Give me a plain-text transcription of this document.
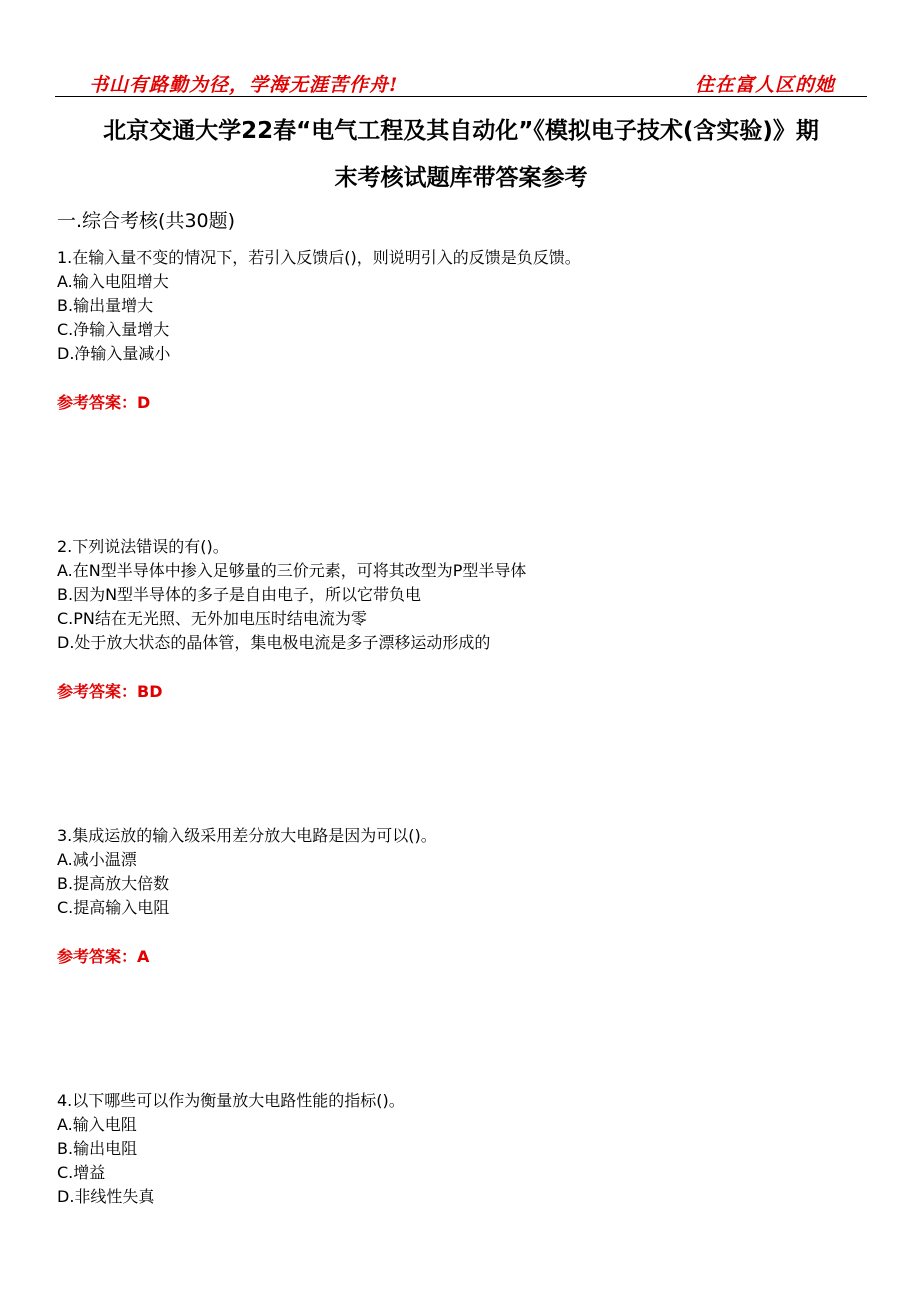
书山有路勤为径，学海无涯苦作舟!	住在富人区的她
北京交通大学22春“电气工程及其自动化”《模拟电子技术(含实验)》期
末考核试题库带答案参考
一.综合考核(共30题)
1.在输入量不变的情况下，若引入反馈后()，则说明引入的反馈是负反馈。
A.输入电阻增大
B.输出量增大
C.净输入量增大
D.净输入量减小
参考答案：D
2.下列说法错误的有()。
A.在N型半导体中掺入足够量的三价元素，可将其改型为P型半导体
B.因为N型半导体的多子是自由电子，所以它带负电
C.PN结在无光照、无外加电压时结电流为零
D.处于放大状态的晶体管，集电极电流是多子漂移运动形成的
参考答案：BD
3.集成运放的输入级采用差分放大电路是因为可以()。
A.减小温漂
B.提高放大倍数
C.提高输入电阻
参考答案：A
4.以下哪些可以作为衡量放大电路性能的指标()。
A.输入电阻
B.输出电阻
C.增益
D.非线性失真
